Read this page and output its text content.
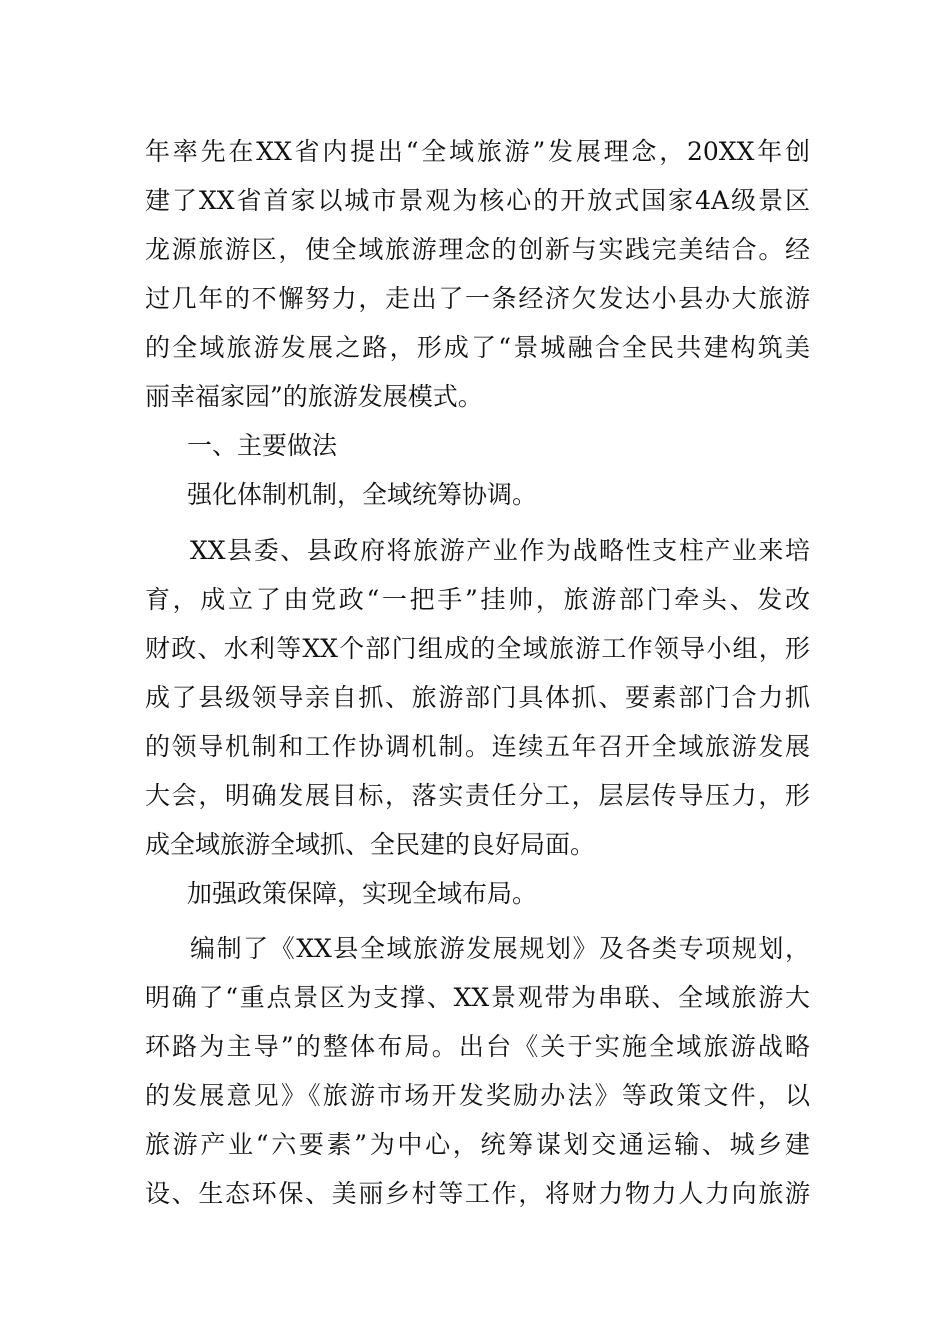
年率先在XX省内提出“全域旅游”发展理念，20XX年创
建了XX省首家以城市景观为核心的开放式国家4A级景区
龙源旅游区，使全域旅游理念的创新与实践完美结合。经
过几年的不懈努力，走出了一条经济欠发达小县办大旅游
的全域旅游发展之路，形成了“景城融合全民共建构筑美
丽幸福家园”的旅游发展模式。
一、主要做法
强化体制机制，全域统筹协调。
XX县委、县政府将旅游产业作为战略性支柱产业来培
育，成立了由党政“一把手”挂帅，旅游部门牵头、发改
财政、水利等XX个部门组成的全域旅游工作领导小组，形
成了县级领导亲自抓、旅游部门具体抓、要素部门合力抓
的领导机制和工作协调机制。连续五年召开全域旅游发展
大会，明确发展目标，落实责任分工，层层传导压力，形
成全域旅游全域抓、全民建的良好局面。
加强政策保障，实现全域布局。
编制了《XX县全域旅游发展规划》及各类专项规划，
明确了“重点景区为支撑、XX景观带为串联、全域旅游大
环路为主导”的整体布局。出台《关于实施全域旅游战略
的发展意见》《旅游市场开发奖励办法》等政策文件，以
旅游产业“六要素”为中心，统筹谋划交通运输、城乡建
设、生态环保、美丽乡村等工作，将财力物力人力向旅游
